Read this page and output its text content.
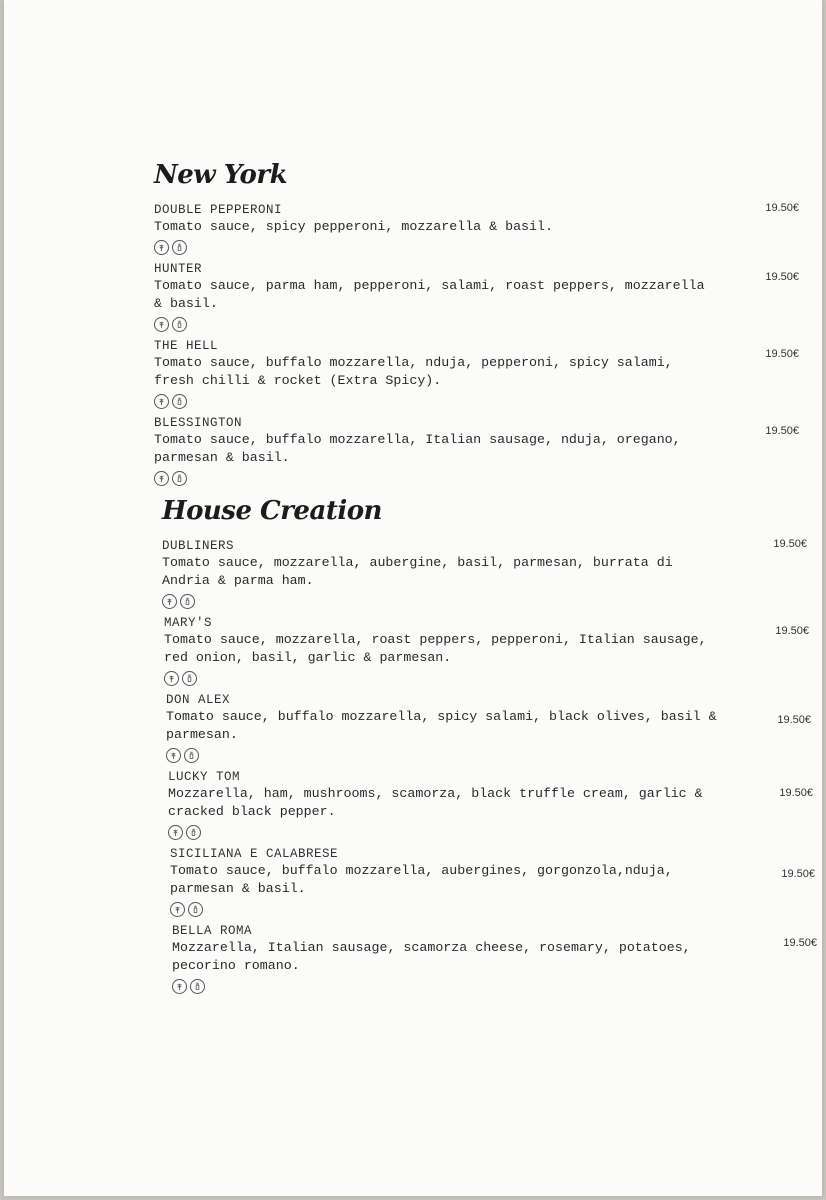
New York
DOUBLE PEPPERONI	19.50€
Tomato sauce, spicy pepperoni, mozzarella & basil.
HUNTER
19.50€
Tomato sauce, parma ham, pepperoni, salami, roast peppers, mozzarella & basil.
THE HELL
19.50€
Tomato sauce, buffalo mozzarella, nduja, pepperoni, spicy salami, fresh chilli & rocket (Extra Spicy).
BLESSINGTON
19.50€
Tomato sauce, buffalo mozzarella, Italian sausage, nduja, oregano, parmesan & basil.
House Creation
DUBLINERS	19.50€
Tomato sauce, mozzarella, aubergine, basil, parmesan, burrata di Andria & parma ham.
MARY'S
19.50€
Tomato sauce, mozzarella, roast peppers, pepperoni, Italian sausage, red onion, basil, garlic & parmesan.
DON ALEX
19.50€
Tomato sauce, buffalo mozzarella, spicy salami, black olives, basil & parmesan.
LUCKY TOM
19.50€
Mozzarella, ham, mushrooms, scamorza, black truffle cream, garlic & cracked black pepper.
SICILIANA E CALABRESE
19.50€
Tomato sauce, buffalo mozzarella, aubergines, gorgonzola,nduja, parmesan & basil.
BELLA ROMA
19.50€
Mozzarella, Italian sausage, scamorza cheese, rosemary, potatoes, pecorino romano.
